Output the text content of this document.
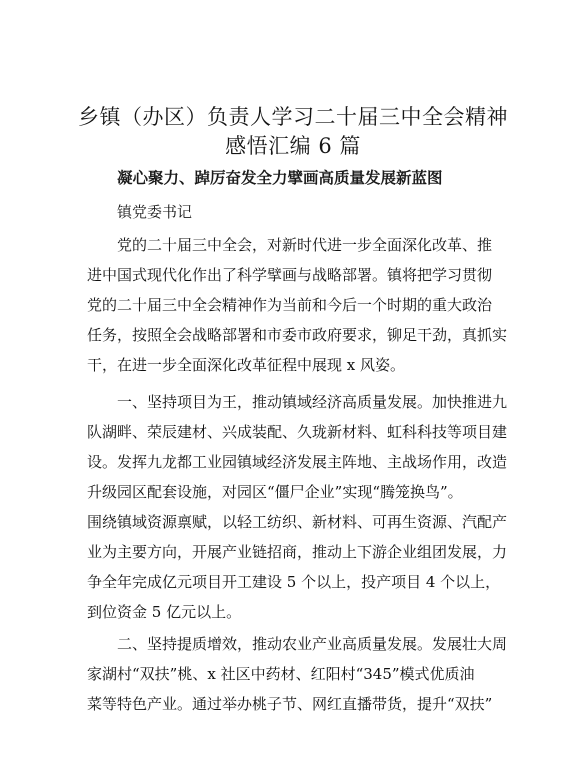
乡镇（办区）负责人学习二十届三中全会精神
感悟汇编 6 篇
凝心聚力、踔厉奋发全力擘画高质量发展新蓝图
镇党委书记
党的二十届三中全会，对新时代进一步全面深化改革、推
进中国式现代化作出了科学擘画与战略部署。镇将把学习贯彻
党的二十届三中全会精神作为当前和今后一个时期的重大政治
任务，按照全会战略部署和市委市政府要求，铆足干劲，真抓实
干，在进一步全面深化改革征程中展现 x 风姿。
一、坚持项目为王，推动镇域经济高质量发展。加快推进九
队湖畔、荣辰建材、兴成装配、久珑新材料、虹科科技等项目建
设。发挥九龙都工业园镇域经济发展主阵地、主战场作用，改造
升级园区配套设施，对园区“僵尸企业”实现“腾笼换鸟”。
围绕镇域资源禀赋，以轻工纺织、新材料、可再生资源、汽配产
业为主要方向，开展产业链招商，推动上下游企业组团发展，力
争全年完成亿元项目开工建设 5 个以上，投产项目 4 个以上，
到位资金 5 亿元以上。
二、坚持提质增效，推动农业产业高质量发展。发展壮大周
家湖村“双扶”桃、x 社区中药材、红阳村“345”模式优质油
菜等特色产业。通过举办桃子节、网红直播带货，提升“双扶”
